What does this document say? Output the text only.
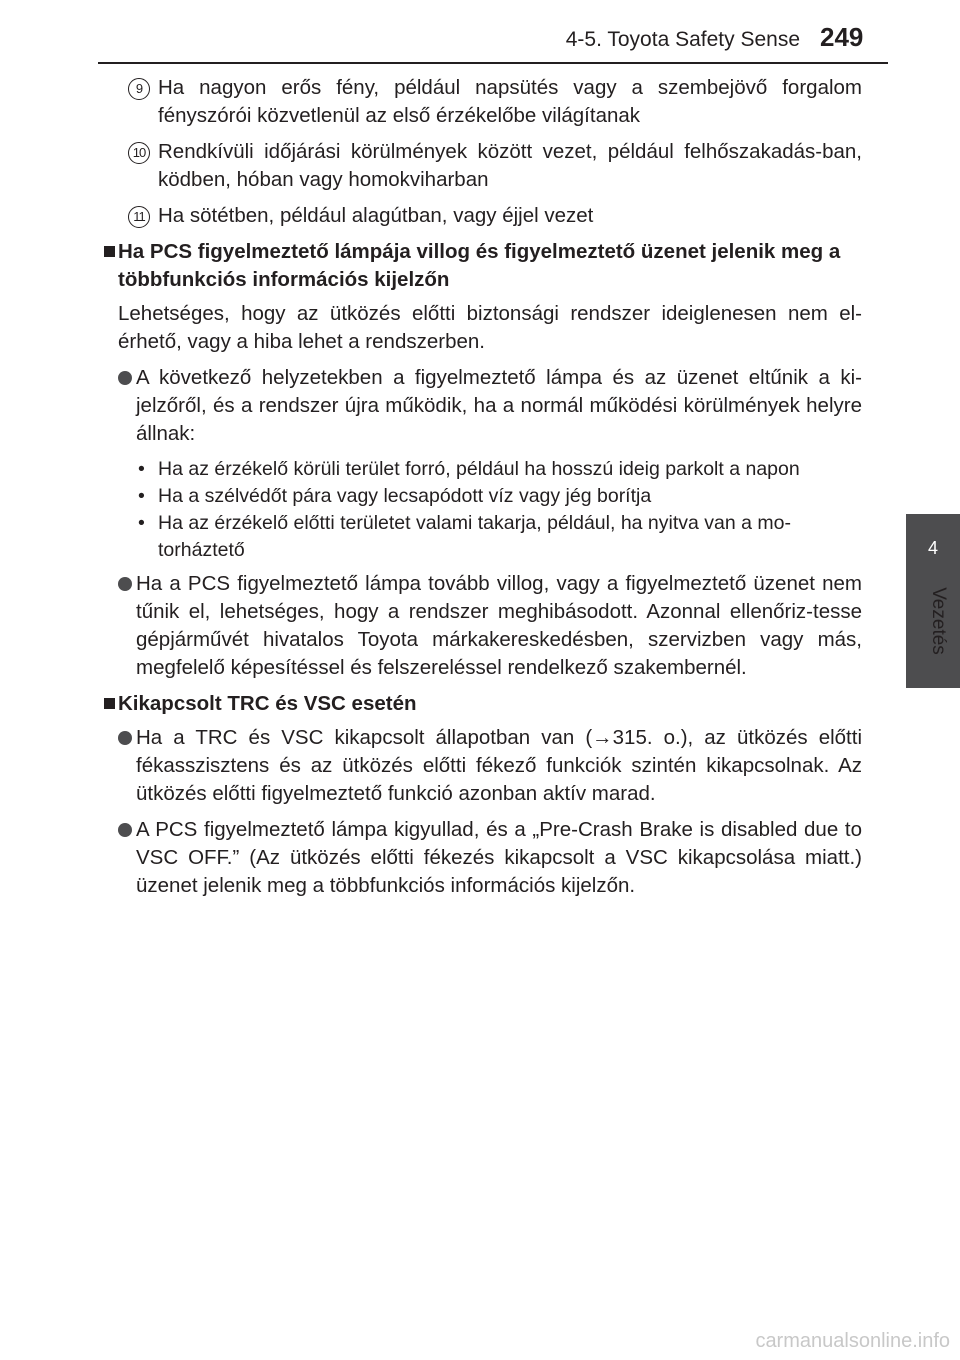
4-5. Toyota Safety Sense 249
4
Vezetés
9 Ha nagyon erős fény, például napsütés vagy a szembejövő forgalom fényszórói közvetlenül az első érzékelőbe világítanak
10 Rendkívüli időjárási körülmények között vezet, például felhőszakadás-ban, ködben, hóban vagy homokviharban
11 Ha sötétben, például alagútban, vagy éjjel vezet
Ha PCS figyelmeztető lámpája villog és figyelmeztető üzenet jelenik meg a többfunkciós információs kijelzőn
Lehetséges, hogy az ütközés előtti biztonsági rendszer ideiglenesen nem el-érhető, vagy a hiba lehet a rendszerben.
A következő helyzetekben a figyelmeztető lámpa és az üzenet eltűnik a ki-jelzőről, és a rendszer újra működik, ha a normál működési körülmények helyre állnak:
• Ha az érzékelő körüli terület forró, például ha hosszú ideig parkolt a napon
• Ha a szélvédőt pára vagy lecsapódott víz vagy jég borítja
• Ha az érzékelő előtti területet valami takarja, például, ha nyitva van a mo-torháztető
Ha a PCS figyelmeztető lámpa tovább villog, vagy a figyelmeztető üzenet nem tűnik el, lehetséges, hogy a rendszer meghibásodott. Azonnal ellenőriz-tesse gépjárművét hivatalos Toyota márkakereskedésben, szervizben vagy más, megfelelő képesítéssel és felszereléssel rendelkező szakembernél.
Kikapcsolt TRC és VSC esetén
Ha a TRC és VSC kikapcsolt állapotban van (→315. o.), az ütközés előtti fékasszisztens és az ütközés előtti fékező funkciók szintén kikapcsolnak. Az ütközés előtti figyelmeztető funkció azonban aktív marad.
A PCS figyelmeztető lámpa kigyullad, és a „Pre-Crash Brake is disabled due to VSC OFF.” (Az ütközés előtti fékezés kikapcsolt a VSC kikapcsolása miatt.) üzenet jelenik meg a többfunkciós információs kijelzőn.
carmanualsonline.info
